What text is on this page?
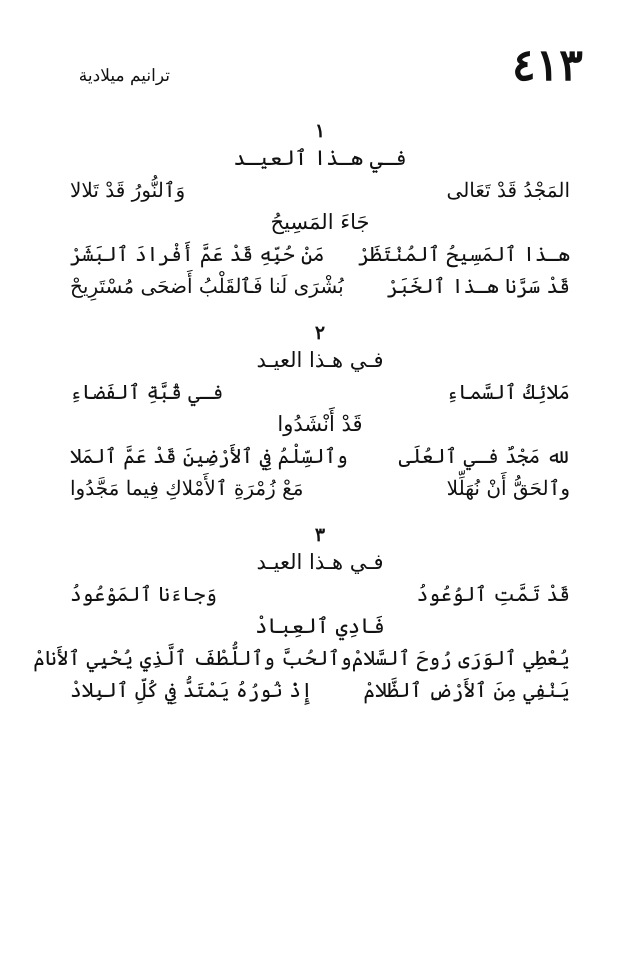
٤١٣
ترانيم ميلادية
١
فـي هـذا ٱلعيـد
المَجْدُ قَدْ تَعَالى
وَٱلنُّورُ قَدْ تَلالا
جَاءَ المَسِيحُ
هـذا ٱلمَسِيحُ ٱلمُنْتَظَرْ
مَنْ حُبِّهِ قَدْ عَمَّ أَفْرادَ ٱلبَشَرْ
قَدْ سَرَّنا هـذا ٱلخَبَرْ
بُشْرَى لَنا فَٱلقَلْبُ أَضحَى مُسْتَرِيحْ
٢
فـي هـذا العيـد
مَلائِكُ ٱلسَّماءِ
فـي قُبَّةِ ٱلفَضاءِ
قَدْ أَنْشَدُوا
لله مَجْدٌ فـي ٱلعُلَى
وٱلسِّلْمُ فِي ٱلأَرْضِينَ قَدْ عَمَّ ٱلمَلا
وٱلحَقُّ أَنْ نُهَلِّلا
مَعْ زُمْرَةِ ٱلأَمْلاكِ فِيما مَجَّدُوا
٣
فـي هـذا العيـد
قَدْ تَمَّتِ ٱلوُعُودُ
وَجاءَنا ٱلمَوْعُودُ
فَادِي ٱلعِبادْ
يُعْطِي ٱلوَرَى رُوحَ ٱلسَّلامْ
وٱلحُبَّ وٱللُّطْفَ ٱلَّذِي يُحْيِي ٱلأَنامْ
يَنْفِي مِنَ ٱلأَرْضِ ٱلظَّلامْ
إِذْ نُورُهُ يَمْتَدُّ فِي كُلِّ ٱلبِلادْ
